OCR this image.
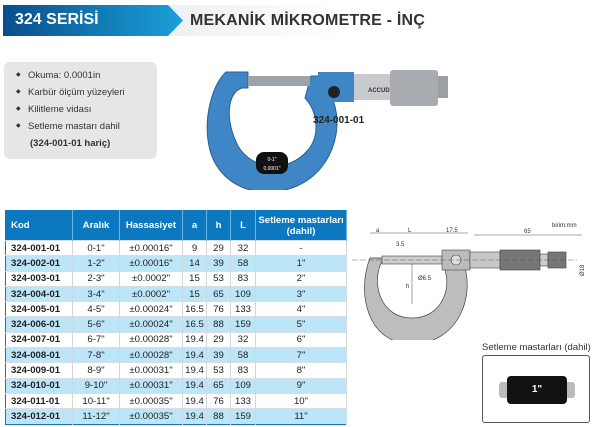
324 SERİSİ	MEKANİK MİKROMETRE - İNÇ
◆ Okuma: 0.0001in
◆ Karbür ölçüm yüzeyleri
◆ Kilitleme vidası
◆ Setleme mastarı dahil
(324-001-01 hariç)
ACCUD
0-1"
0.0001"
324-001-01
Kod	Aralık	Hassasiyet	a	h	L	Setleme mastarları (dahil)
324-001-01	0-1"	±0.00016"	9	29	32	-
324-002-01	1-2"	±0.00016"	14	39	58	1"
324-003-01	2-3"	±0.0002"	15	53	83	2"
324-004-01	3-4"	±0.0002"	15	65	109	3"
324-005-01	4-5"	±0.00024"	16.5	76	133	4"
324-006-01	5-6"	±0.00024"	16.5	88	159	5"
324-007-01	6-7"	±0.00028"	19.4	29	32	6"
324-008-01	7-8"	±0.00028"	19.4	39	58	7"
324-009-01	8-9"	±0.00031"	19.4	53	83	8"
324-010-01	9-10"	±0.00031"	19.4	65	109	9"
324-011-01	10-11"	±0.00035"	19.4	76	133	10"
324-012-01	11-12"	±0.00035"	19.4	88	159	11"
birim:mm
a	L	17.5	65
3.5
h
Ø6.5
Ø18
Setleme mastarları (dahil)
1"
